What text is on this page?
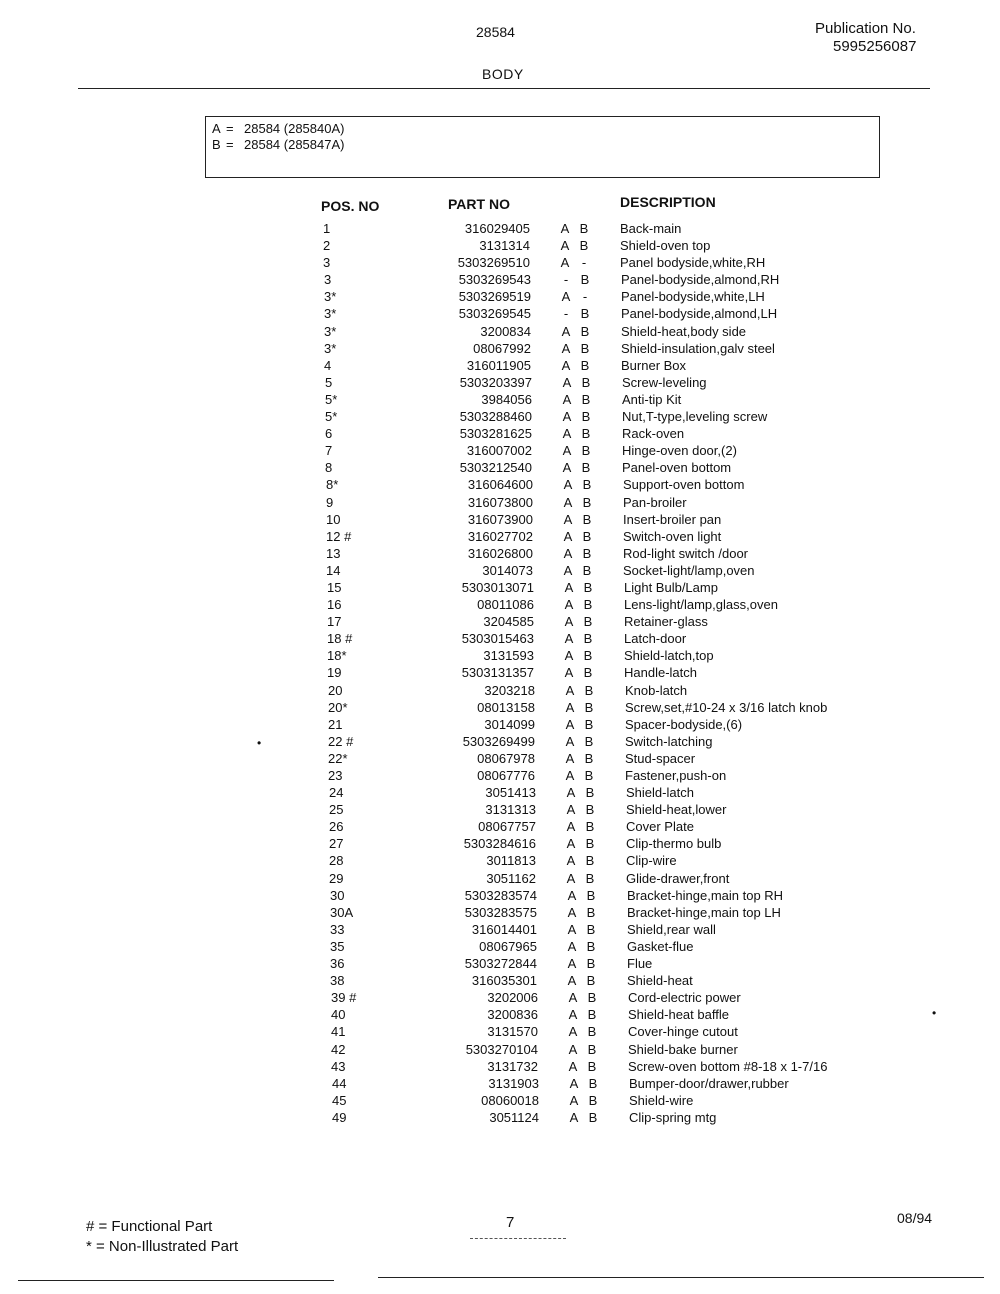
28584	Publication No.
5995256087
BODY
A = 28584 (285840A)
B = 28584 (285847A)
POS. NO	PART NO	DESCRIPTION
1	316029405 A B Back-main
2	3131314 A B Shield-oven top
3	5303269510 A -	Panel bodyside,white,RH
3	5303269543	- B Panel-bodyside,almond,RH
3*	5303269519 A -	Panel-bodyside,white,LH
3*	5303269545	- B Panel-bodyside,almond,LH
3*	3200834 A B Shield-heat,body side
3*	08067992 A B Shield-insulation,galv steel
4	316011905 A B Burner Box
5	5303203397 A B Screw-leveling
5*	3984056 A B Anti-tip Kit
5*	5303288460 A B Nut,T-type,leveling screw
6	5303281625 A B Rack-oven
7	316007002 A B Hinge-oven door,(2)
8	5303212540 A B Panel-oven bottom
8*	316064600 A B Support-oven bottom
9	316073800 A B Pan-broiler
10	316073900 A B Insert-broiler pan
12 #	316027702 A B Switch-oven light
13	316026800 A B Rod-light switch /door
14	3014073 A B Socket-light/lamp,oven
15	5303013071 A B Light Bulb/Lamp
16	08011086 A B Lens-light/lamp,glass,oven
17	3204585 A B Retainer-glass
18 #	5303015463 A B Latch-door
18*	3131593 A B Shield-latch,top
19	5303131357 A B Handle-latch
20	3203218 A B Knob-latch
20*	08013158 A B Screw,set,#10-24 x 3/16 latch knob
21	3014099 A B Spacer-bodyside,(6)
22 #	5303269499 A B Switch-latching
22*	08067978 A B Stud-spacer
23	08067776 A B Fastener,push-on
24	3051413 A B Shield-latch
25	3131313 A B Shield-heat,lower
26	08067757 A B Cover Plate
27	5303284616 A B Clip-thermo bulb
28	3011813 A B Clip-wire
29	3051162 A B Glide-drawer,front
30	5303283574 A B Bracket-hinge,main top RH
30A	5303283575 A B Bracket-hinge,main top LH
33	316014401 A B Shield,rear wall
35	08067965 A B Gasket-flue
36	5303272844 A B Flue
38	316035301 A B Shield-heat
39 #	3202006 A B Cord-electric power
40	3200836 A B Shield-heat baffle
41	3131570 A B Cover-hinge cutout
42	5303270104 A B Shield-bake burner
43	3131732 A B Screw-oven bottom #8-18 x 1-7/16
44	3131903 A B Bumper-door/drawer,rubber
45	08060018 A B Shield-wire
49	3051124 A B Clip-spring mtg
•
•
# = Functional Part
* = Non-Illustrated Part
7	08/94
